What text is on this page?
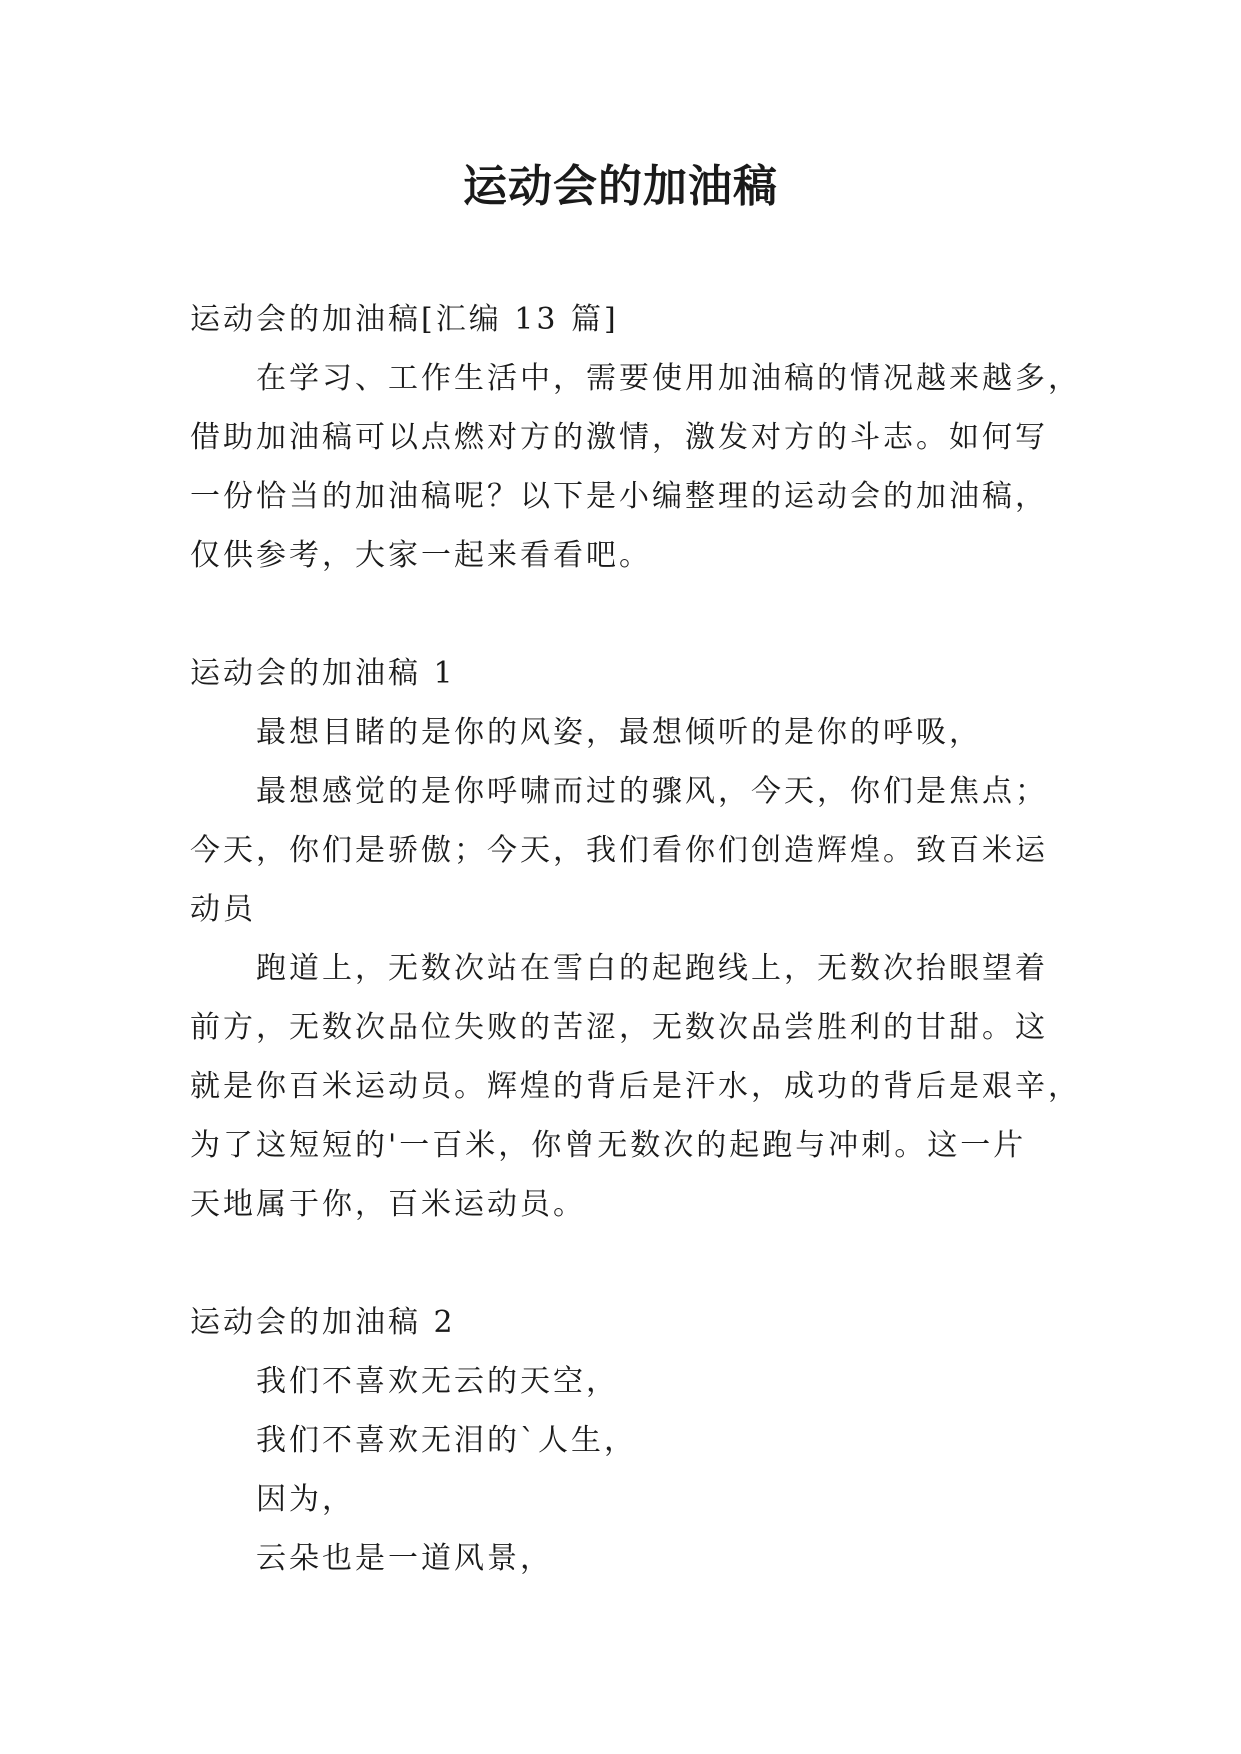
运动会的加油稿
运动会的加油稿[汇编 13 篇]
在学习、工作生活中，需要使用加油稿的情况越来越多，
借助加油稿可以点燃对方的激情，激发对方的斗志。如何写
一份恰当的加油稿呢？以下是小编整理的运动会的加油稿，
仅供参考，大家一起来看看吧。
运动会的加油稿 1
最想目睹的是你的风姿，最想倾听的是你的呼吸，
最想感觉的是你呼啸而过的骤风，今天，你们是焦点；
今天，你们是骄傲；今天，我们看你们创造辉煌。致百米运
动员
跑道上，无数次站在雪白的起跑线上，无数次抬眼望着
前方，无数次品位失败的苦涩，无数次品尝胜利的甘甜。这
就是你百米运动员。辉煌的背后是汗水，成功的背后是艰辛，
为了这短短的'一百米，你曾无数次的起跑与冲刺。这一片
天地属于你，百米运动员。
运动会的加油稿 2
我们不喜欢无云的天空，
我们不喜欢无泪的`人生，
因为，
云朵也是一道风景，
